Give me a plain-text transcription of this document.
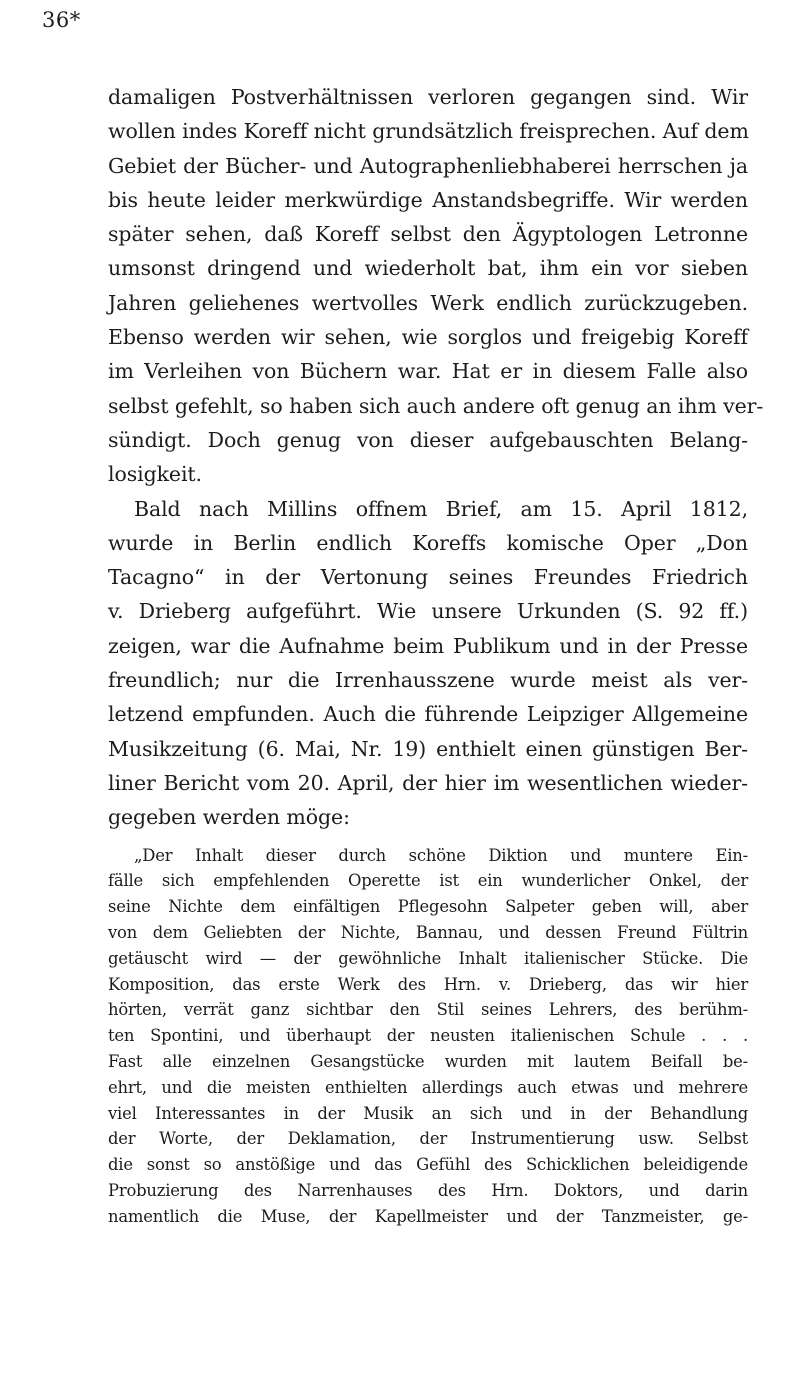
36*
damaligen Postverhältnissen verloren gegangen sind. Wir
wollen indes Koreff nicht grundsätzlich freisprechen. Auf dem
Gebiet der Bücher- und Autographenliebhaberei herrschen ja
bis heute leider merkwürdige Anstandsbegriffe. Wir werden
später sehen, daß Koreff selbst den Ägyptologen Letronne
umsonst dringend und wiederholt bat, ihm ein vor sieben
Jahren geliehenes wertvolles Werk endlich zurückzugeben.
Ebenso werden wir sehen, wie sorglos und freigebig Koreff
im Verleihen von Büchern war. Hat er in diesem Falle also
selbst gefehlt, so haben sich auch andere oft genug an ihm ver-
sündigt. Doch genug von dieser aufgebauschten Belang-
losigkeit.
Bald nach Millins offnem Brief, am 15. April 1812,
wurde in Berlin endlich Koreffs komische Oper „Don
Tacagno“ in der Vertonung seines Freundes Friedrich
v. Drieberg aufgeführt. Wie unsere Urkunden (S. 92 ff.)
zeigen, war die Aufnahme beim Publikum und in der Presse
freundlich; nur die Irrenhausszene wurde meist als ver-
letzend empfunden. Auch die führende Leipziger Allgemeine
Musikzeitung (6. Mai, Nr. 19) enthielt einen günstigen Ber-
liner Bericht vom 20. April, der hier im wesentlichen wieder-
gegeben werden möge:
„Der Inhalt dieser durch schöne Diktion und muntere Ein-
fälle sich empfehlenden Operette ist ein wunderlicher Onkel, der
seine Nichte dem einfältigen Pflegesohn Salpeter geben will, aber
von dem Geliebten der Nichte, Bannau, und dessen Freund Fültrin
getäuscht wird — der gewöhnliche Inhalt italienischer Stücke. Die
Komposition, das erste Werk des Hrn. v. Drieberg, das wir hier
hörten, verrät ganz sichtbar den Stil seines Lehrers, des berühm-
ten Spontini, und überhaupt der neusten italienischen Schule . . .
Fast alle einzelnen Gesangstücke wurden mit lautem Beifall be-
ehrt, und die meisten enthielten allerdings auch etwas und mehrere
viel Interessantes in der Musik an sich und in der Behandlung
der Worte, der Deklamation, der Instrumentierung usw. Selbst
die sonst so anstößige und das Gefühl des Schicklichen beleidigende
Probuzierung des Narrenhauses des Hrn. Doktors, und darin
namentlich die Muse, der Kapellmeister und der Tanzmeister, ge-
